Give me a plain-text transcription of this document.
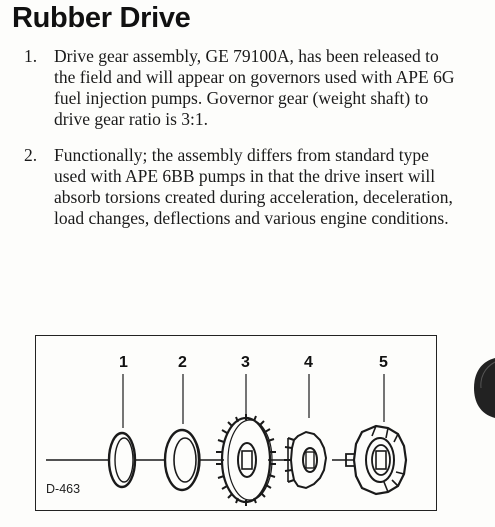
Rubber Drive
1. Drive gear assembly, GE 79100A, has been released to the field and will appear on governors used with APE 6G fuel injection pumps. Governor gear (weight shaft) to drive gear ratio is 3:1.
2. Functionally; the assembly differs from standard type used with APE 6BB pumps in that the drive insert will absorb torsions created during acceleration, deceleration, load changes, deflections and various engine conditions.
1	2	3	4	5
D-463
